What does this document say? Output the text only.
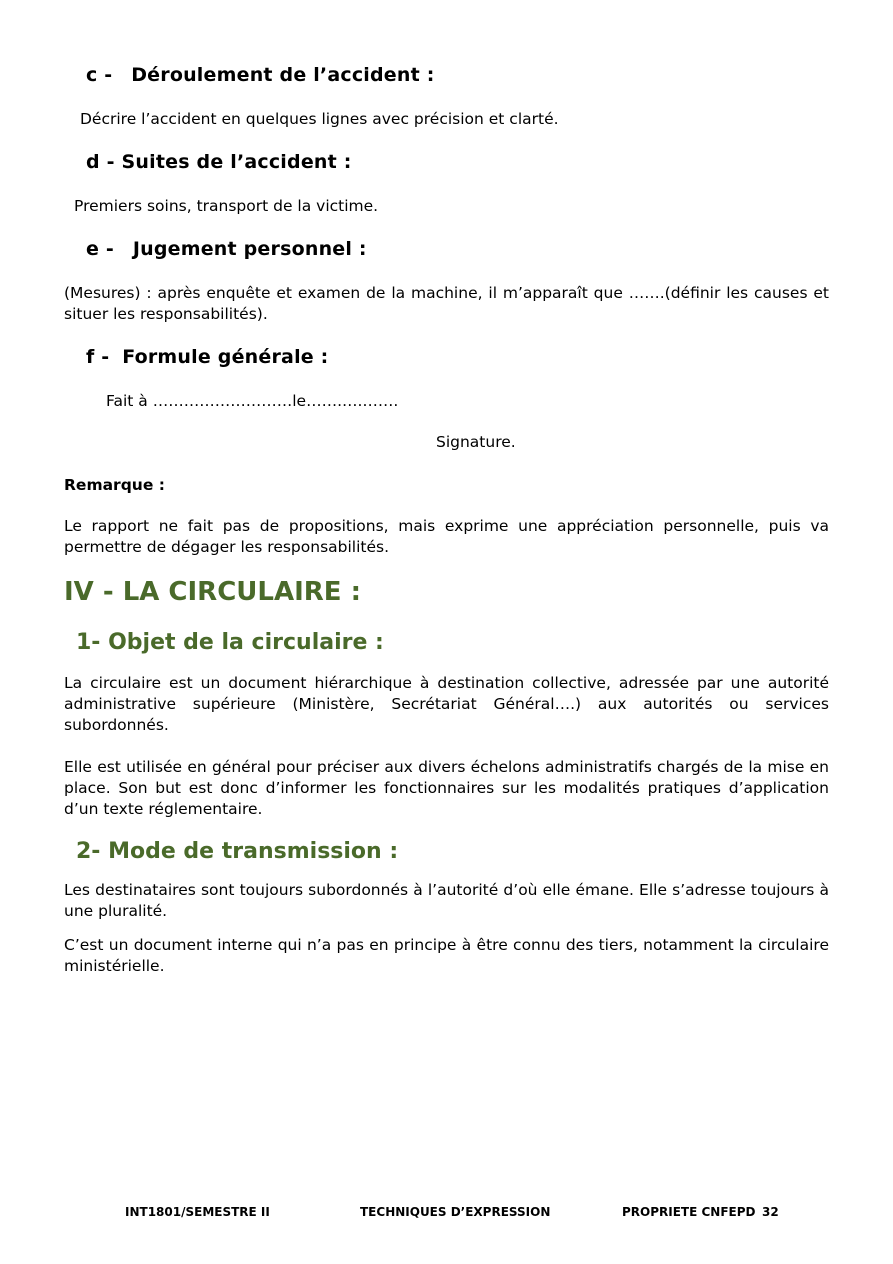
c - Déroulement de l’accident :
Décrire l’accident en quelques lignes avec précision et clarté.
d - Suites de l’accident :
Premiers soins, transport de la victime.
e - Jugement personnel :
(Mesures) : après enquête et examen de la machine, il m’apparaît que …….(définir les causes et situer les responsabilités).
f - Formule générale :
Fait à ………………………le…….….…….
Signature.
Remarque :
Le rapport ne fait pas de propositions, mais exprime une appréciation personnelle, puis va permettre de dégager les responsabilités.
IV - LA CIRCULAIRE :
1- Objet de la circulaire :
La circulaire est un document hiérarchique à destination collective, adressée par une autorité administrative supérieure (Ministère, Secrétariat Général….) aux autorités ou services subordonnés.
Elle est utilisée en général pour préciser aux divers échelons administratifs chargés de la mise en place. Son but est donc d’informer les fonctionnaires sur les modalités pratiques d’application d’un texte réglementaire.
2- Mode de transmission :
Les destinataires sont toujours subordonnés à l’autorité d’où elle émane. Elle s’adresse toujours à une pluralité.
C’est un document interne qui n’a pas en principe à être connu des tiers, notamment la circulaire ministérielle.
INT1801/SEMESTRE II	TECHNIQUES D’EXPRESSION	PROPRIETE CNFEPD 32
